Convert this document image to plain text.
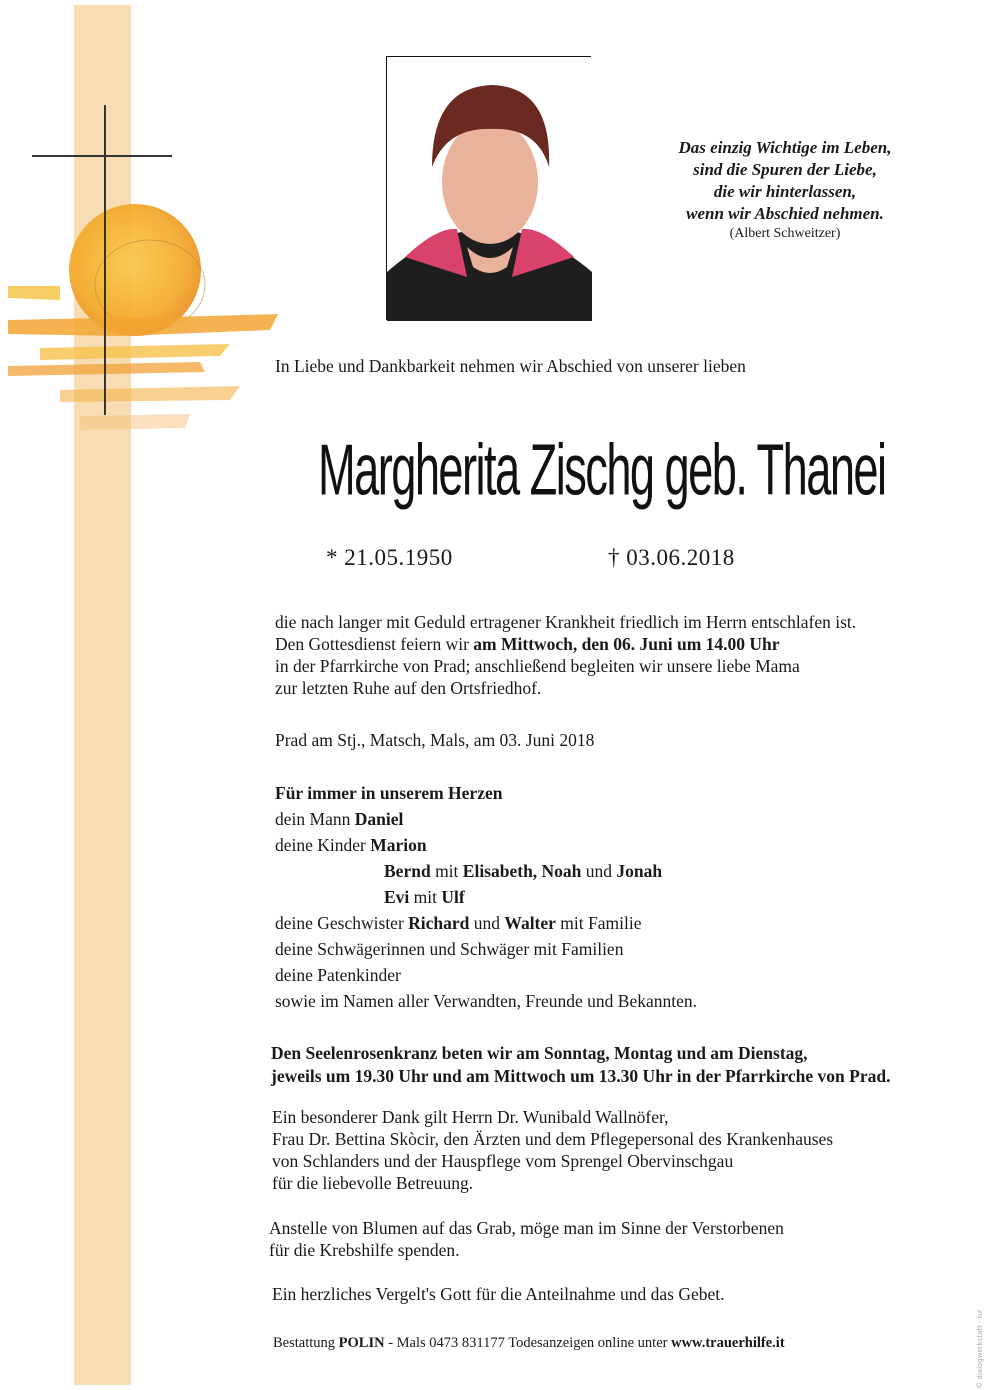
Das einzig Wichtige im Leben,
sind die Spuren der Liebe,
die wir hinterlassen,
wenn wir Abschied nehmen.
(Albert Schweitzer)
In Liebe und Dankbarkeit nehmen wir Abschied von unserer lieben
Margherita Zischg geb. Thanei
* 21.05.1950	† 03.06.2018
die nach langer mit Geduld ertragener Krankheit friedlich im Herrn entschlafen ist.
Den Gottesdienst feiern wir am Mittwoch, den 06. Juni um 14.00 Uhr
in der Pfarrkirche von Prad; anschließend begleiten wir unsere liebe Mama
zur letzten Ruhe auf den Ortsfriedhof.
Prad am Stj., Matsch, Mals, am 03. Juni 2018
Für immer in unserem Herzen
dein Mann Daniel
deine Kinder Marion
Bernd mit Elisabeth, Noah und Jonah
Evi mit Ulf
deine Geschwister Richard und Walter mit Familie
deine Schwägerinnen und Schwäger mit Familien
deine Patenkinder
sowie im Namen aller Verwandten, Freunde und Bekannten.
Den Seelenrosenkranz beten wir am Sonntag, Montag und am Dienstag,
jeweils um 19.30 Uhr und am Mittwoch um 13.30 Uhr in der Pfarrkirche von Prad.
Ein besonderer Dank gilt Herrn Dr. Wunibald Wallnöfer,
Frau Dr. Bettina Skòcir, den Ärzten und dem Pflegepersonal des Krankenhauses
von Schlanders und der Hauspflege vom Sprengel Obervinschgau
für die liebevolle Betreuung.
Anstelle von Blumen auf das Grab, möge man im Sinne der Verstorbenen
für die Krebshilfe spenden.
Ein herzliches Vergelt's Gott für die Anteilnahme und das Gebet.
Bestattung POLIN - Mals 0473 831177 Todesanzeigen online unter www.trauerhilfe.it	© dialogwerkstatt - bz
